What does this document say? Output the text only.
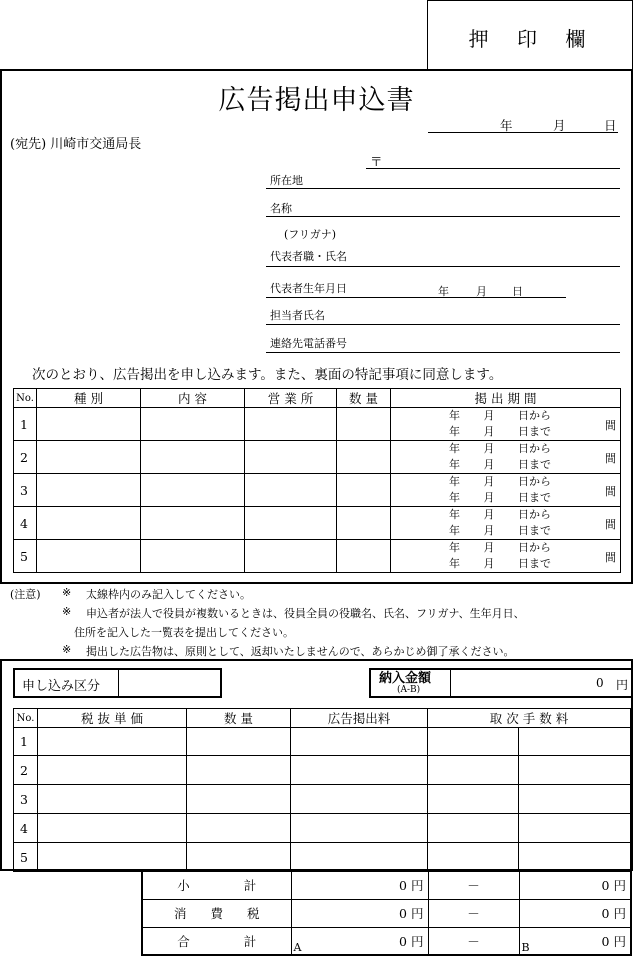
押 印 欄
広告掲出申込書
年	月	日
(宛先) 川崎市交通局長
〒
所在地
名称
(フリガナ)
代表者職・氏名
代表者生年月日	年 月 日
担当者氏名
連絡先電話番号
次のとおり、広告掲出を申し込みます。また、裏面の特記事項に同意します。
No.	種 別	内 容	営 業 所	数 量	掲 出 期 間
1					年 月 日から
年 月 日まで 間

2					年 月 日から
年 月 日まで 間

3					年 月 日から
年 月 日まで 間

4					年 月 日から
年 月 日まで 間

5					年 月 日から
年 月 日まで 間
(注意) ※ 太線枠内のみ記入してください。
※ 申込者が法人で役員が複数いるときは、役員全員の役職名、氏名、フリガナ、生年月日、
住所を記入した一覧表を提出してください。
※ 掲出した広告物は、原則として、返却いたしませんので、あらかじめ御了承ください。
申し込み区分
納入金額
(A-B)	0 円
No.	税 抜 単 価	数 量	広告掲出料	取 次 手 数 料	
1					
2					
3					
4					
5					
小 計	0 円	－	0 円
消 費 税	0 円	－	0 円
合 計	A 0 円	－	B 0 円
